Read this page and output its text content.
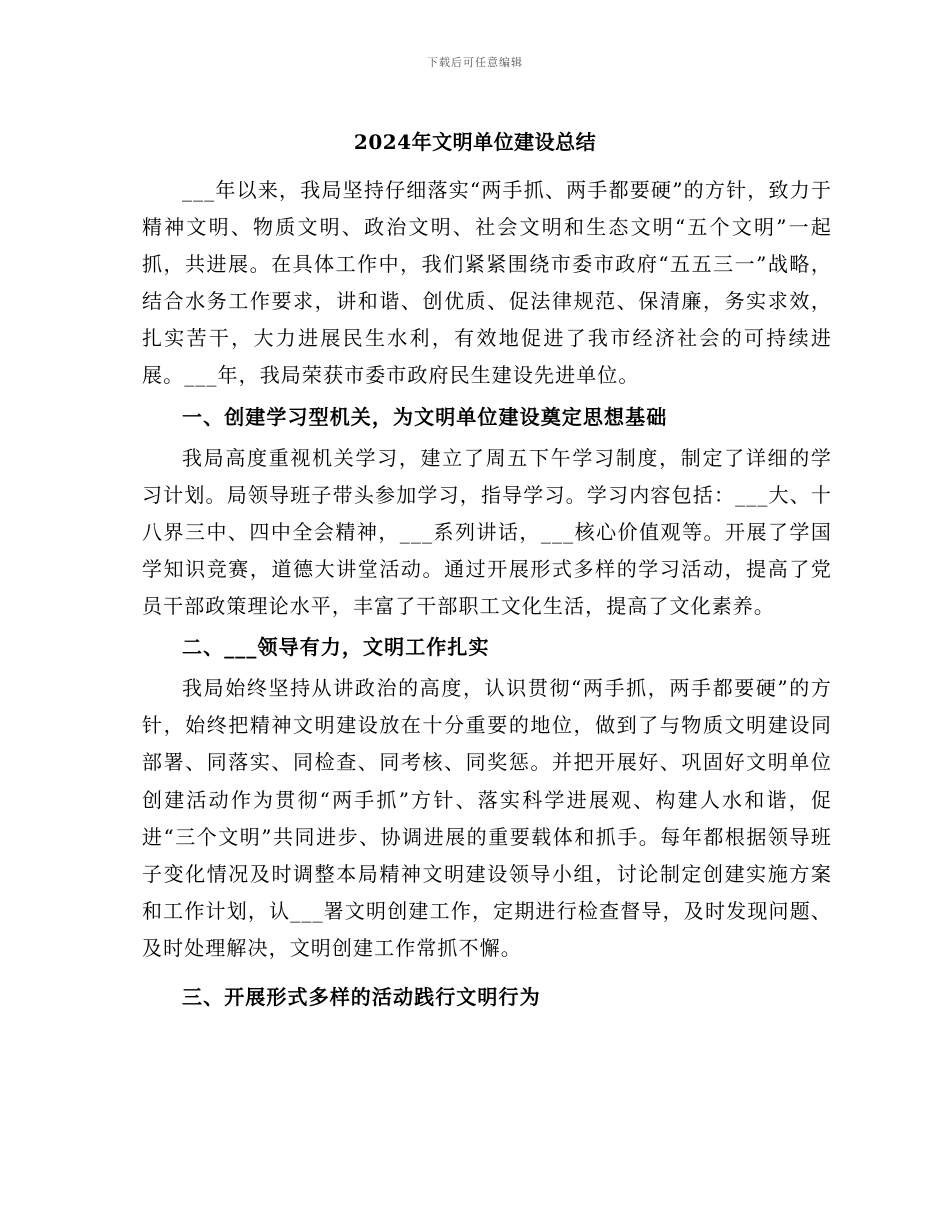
下载后可任意编辑
2024年文明单位建设总结

___年以来，我局坚持仔细落实“两手抓、两手都要硬”的方针，致力于精神文明、物质文明、政治文明、社会文明和生态文明“五个文明”一起抓，共进展。在具体工作中，我们紧紧围绕市委市政府“五五三一”战略，结合水务工作要求，讲和谐、创优质、促法律规范、保清廉，务实求效，扎实苦干，大力进展民生水利，有效地促进了我市经济社会的可持续进展。___年，我局荣获市委市政府民生建设先进单位。

一、创建学习型机关，为文明单位建设奠定思想基础

我局高度重视机关学习，建立了周五下午学习制度，制定了详细的学习计划。局领导班子带头参加学习，指导学习。学习内容包括：___大、十八界三中、四中全会精神，___系列讲话，___核心价值观等。开展了学国学知识竞赛，道德大讲堂活动。通过开展形式多样的学习活动，提高了党员干部政策理论水平，丰富了干部职工文化生活，提高了文化素养。

二、___领导有力，文明工作扎实

我局始终坚持从讲政治的高度，认识贯彻“两手抓，两手都要硬”的方针，始终把精神文明建设放在十分重要的地位，做到了与物质文明建设同部署、同落实、同检查、同考核、同奖惩。并把开展好、巩固好文明单位创建活动作为贯彻“两手抓”方针、落实科学进展观、构建人水和谐，促进“三个文明”共同进步、协调进展的重要载体和抓手。每年都根据领导班子变化情况及时调整本局精神文明建设领导小组，讨论制定创建实施方案和工作计划，认___署文明创建工作，定期进行检查督导，及时发现问题、及时处理解决，文明创建工作常抓不懈。

三、开展形式多样的活动践行文明行为
